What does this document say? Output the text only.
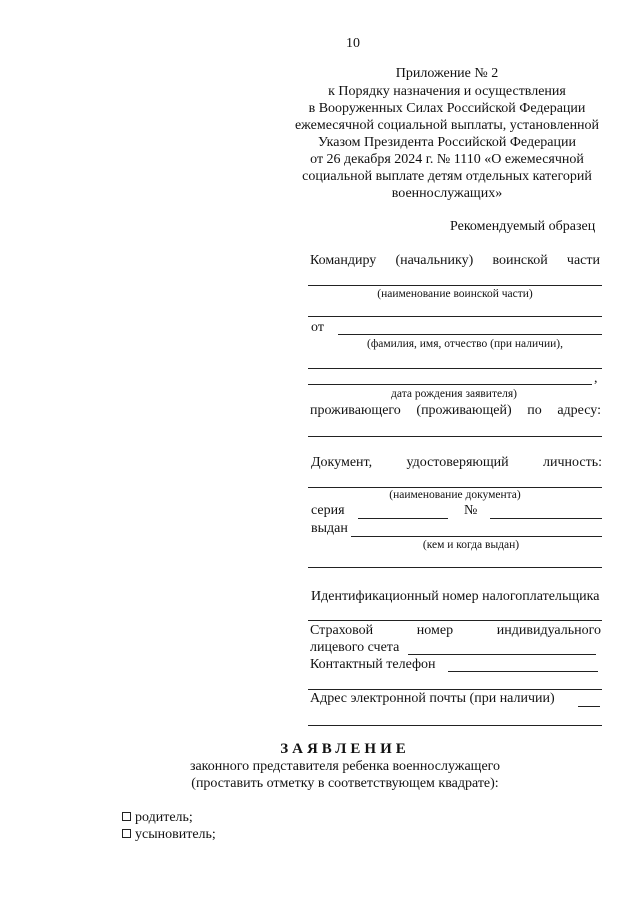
10
Приложение № 2
к Порядку назначения и осуществления
в Вооруженных Силах Российской Федерации
ежемесячной социальной выплаты, установленной
Указом Президента Российской Федерации
от 26 декабря 2024 г. № 1110 «О ежемесячной
социальной выплате детям отдельных категорий
военнослужащих»
Рекомендуемый образец
Командиру (начальнику) воинской части
(наименование воинской части)
от
(фамилия, имя, отчество (при наличии),
,
дата рождения заявителя)
проживающего (проживающей) по адресу:
Документ, удостоверяющий личность:
(наименование документа)
серия	№
выдан
(кем и когда выдан)
Идентификационный номер налогоплательщика
Страховой	номер	индивидуального
лицевого счета
Контактный телефон
Адрес электронной почты (при наличии)
ЗАЯВЛЕНИЕ
законного представителя ребенка военнослужащего
(проставить отметку в соответствующем квадрате):
родитель;
усыновитель;
